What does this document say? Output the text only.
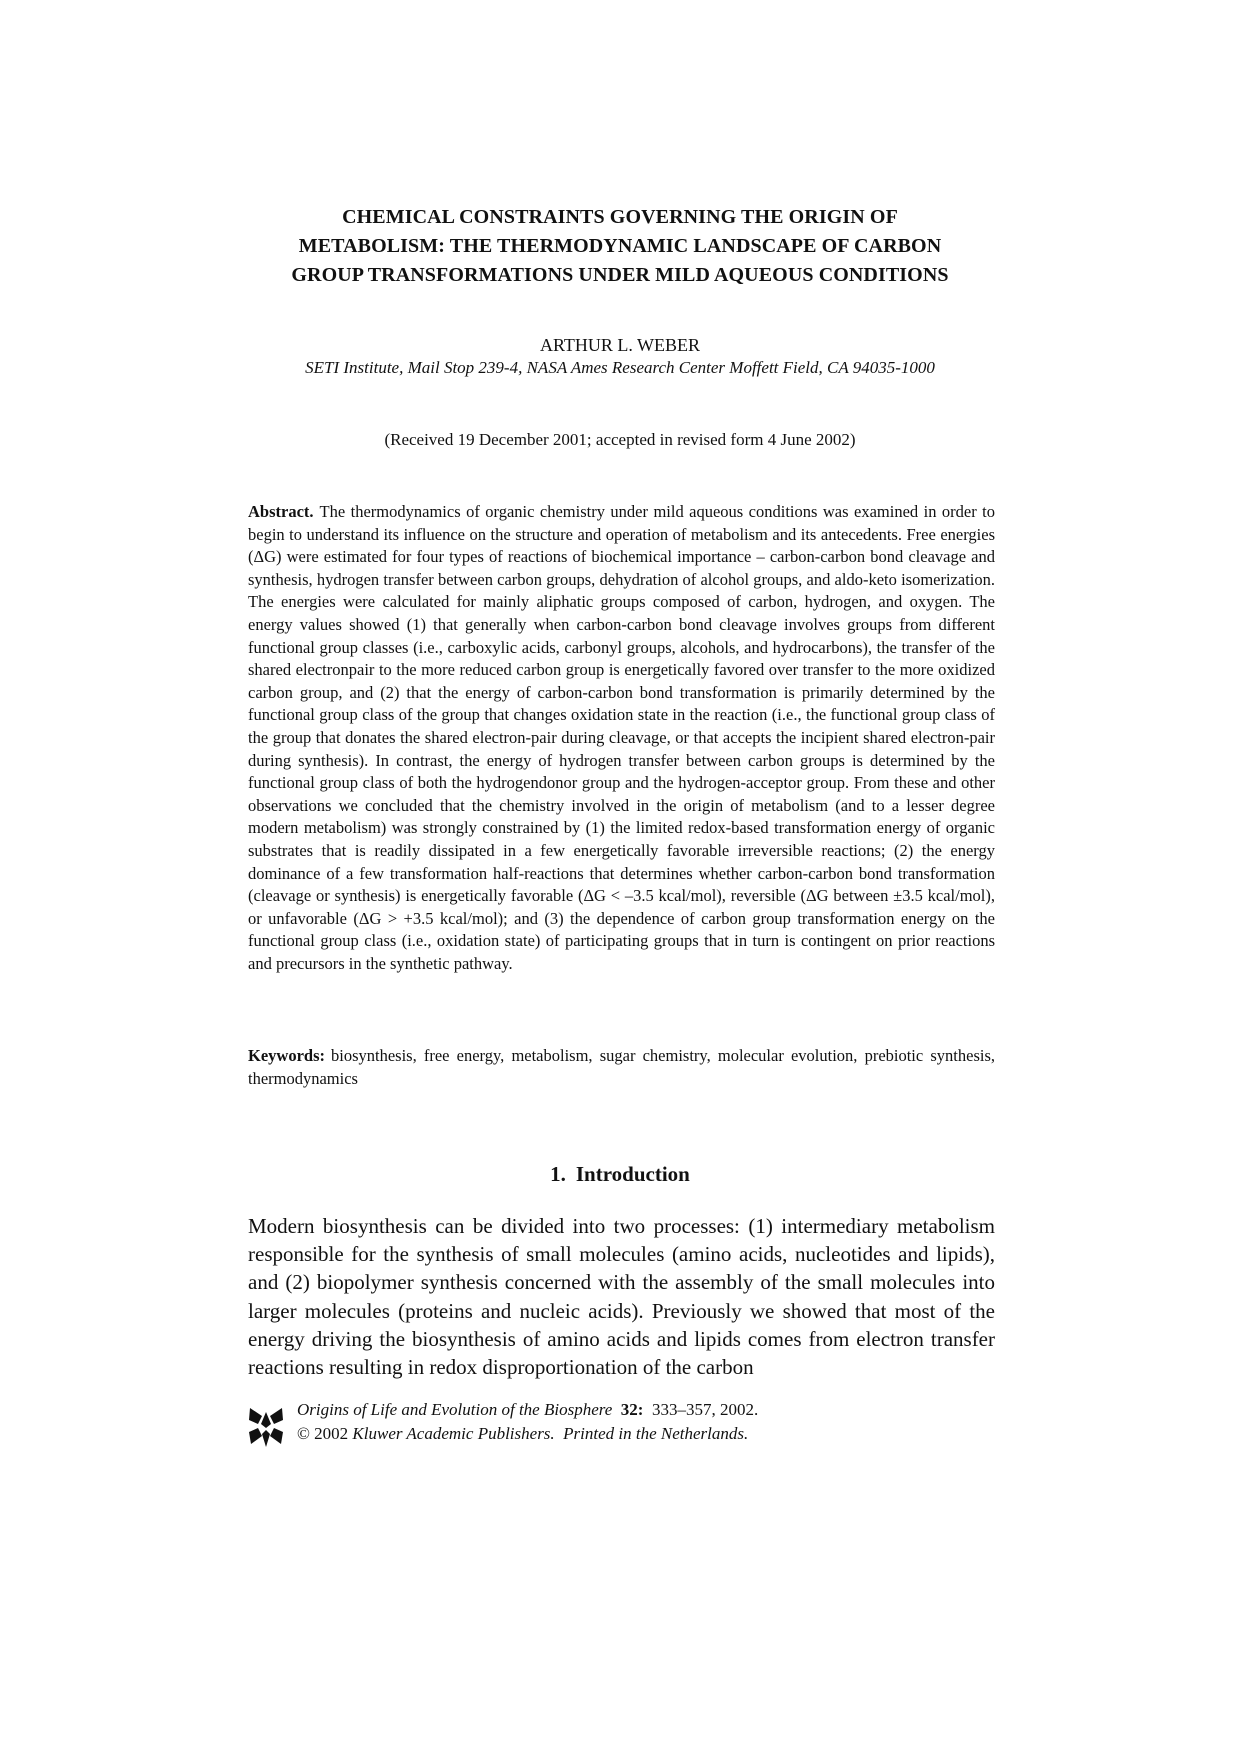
CHEMICAL CONSTRAINTS GOVERNING THE ORIGIN OF
METABOLISM: THE THERMODYNAMIC LANDSCAPE OF CARBON
GROUP TRANSFORMATIONS UNDER MILD AQUEOUS CONDITIONS
ARTHUR L. WEBER
SETI Institute, Mail Stop 239-4, NASA Ames Research Center Moffett Field, CA 94035-1000
(Received 19 December 2001; accepted in revised form 4 June 2002)
Abstract. The thermodynamics of organic chemistry under mild aqueous conditions was examined in order to begin to understand its influence on the structure and operation of metabolism and its antecedents. Free energies (ΔG) were estimated for four types of reactions of biochemical importance – carbon-carbon bond cleavage and synthesis, hydrogen transfer between carbon groups, dehydration of alcohol groups, and aldo-keto isomerization. The energies were calculated for mainly aliphatic groups composed of carbon, hydrogen, and oxygen. The energy values showed (1) that generally when carbon-carbon bond cleavage involves groups from different functional group classes (i.e., carboxylic acids, carbonyl groups, alcohols, and hydrocarbons), the transfer of the shared electronpair to the more reduced carbon group is energetically favored over transfer to the more oxidized carbon group, and (2) that the energy of carbon-carbon bond transformation is primarily determined by the functional group class of the group that changes oxidation state in the reaction (i.e., the functional group class of the group that donates the shared electron-pair during cleavage, or that accepts the incipient shared electron-pair during synthesis). In contrast, the energy of hydrogen transfer between carbon groups is determined by the functional group class of both the hydrogendonor group and the hydrogen-acceptor group. From these and other observations we concluded that the chemistry involved in the origin of metabolism (and to a lesser degree modern metabolism) was strongly constrained by (1) the limited redox-based transformation energy of organic substrates that is readily dissipated in a few energetically favorable irreversible reactions; (2) the energy dominance of a few transformation half-reactions that determines whether carbon-carbon bond transformation (cleavage or synthesis) is energetically favorable (ΔG < –3.5 kcal/mol), reversible (ΔG between ±3.5 kcal/mol), or unfavorable (ΔG > +3.5 kcal/mol); and (3) the dependence of carbon group transformation energy on the functional group class (i.e., oxidation state) of participating groups that in turn is contingent on prior reactions and precursors in the synthetic pathway.
Keywords: biosynthesis, free energy, metabolism, sugar chemistry, molecular evolution, prebiotic synthesis, thermodynamics
1. Introduction
Modern biosynthesis can be divided into two processes: (1) intermediary metabolism responsible for the synthesis of small molecules (amino acids, nucleotides and lipids), and (2) biopolymer synthesis concerned with the assembly of the small molecules into larger molecules (proteins and nucleic acids). Previously we showed that most of the energy driving the biosynthesis of amino acids and lipids comes from electron transfer reactions resulting in redox disproportionation of the carbon
Origins of Life and Evolution of the Biosphere 32: 333–357, 2002.
© 2002 Kluwer Academic Publishers. Printed in the Netherlands.
